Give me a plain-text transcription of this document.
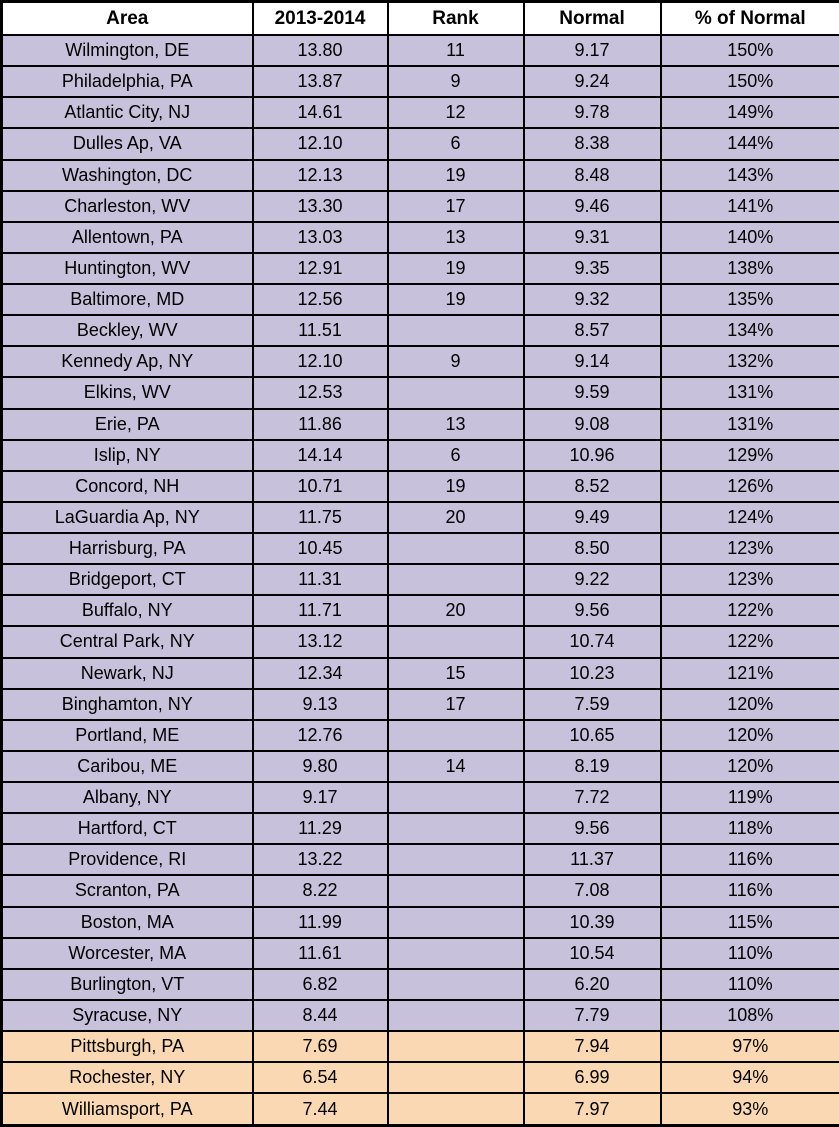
Area	2013-2014	Rank	Normal	% of Normal
Wilmington, DE	13.80	11	9.17	150%
Philadelphia, PA	13.87	9	9.24	150%
Atlantic City, NJ	14.61	12	9.78	149%
Dulles Ap, VA	12.10	6	8.38	144%
Washington, DC	12.13	19	8.48	143%
Charleston, WV	13.30	17	9.46	141%
Allentown, PA	13.03	13	9.31	140%
Huntington, WV	12.91	19	9.35	138%
Baltimore, MD	12.56	19	9.32	135%
Beckley, WV	11.51		8.57	134%
Kennedy Ap, NY	12.10	9	9.14	132%
Elkins, WV	12.53		9.59	131%
Erie, PA	11.86	13	9.08	131%
Islip, NY	14.14	6	10.96	129%
Concord, NH	10.71	19	8.52	126%
LaGuardia Ap, NY	11.75	20	9.49	124%
Harrisburg, PA	10.45		8.50	123%
Bridgeport, CT	11.31		9.22	123%
Buffalo, NY	11.71	20	9.56	122%
Central Park, NY	13.12		10.74	122%
Newark, NJ	12.34	15	10.23	121%
Binghamton, NY	9.13	17	7.59	120%
Portland, ME	12.76		10.65	120%
Caribou, ME	9.80	14	8.19	120%
Albany, NY	9.17		7.72	119%
Hartford, CT	11.29		9.56	118%
Providence, RI	13.22		11.37	116%
Scranton, PA	8.22		7.08	116%
Boston, MA	11.99		10.39	115%
Worcester, MA	11.61		10.54	110%
Burlington, VT	6.82		6.20	110%
Syracuse, NY	8.44		7.79	108%
Pittsburgh, PA	7.69		7.94	97%
Rochester, NY	6.54		6.99	94%
Williamsport, PA	7.44		7.97	93%
